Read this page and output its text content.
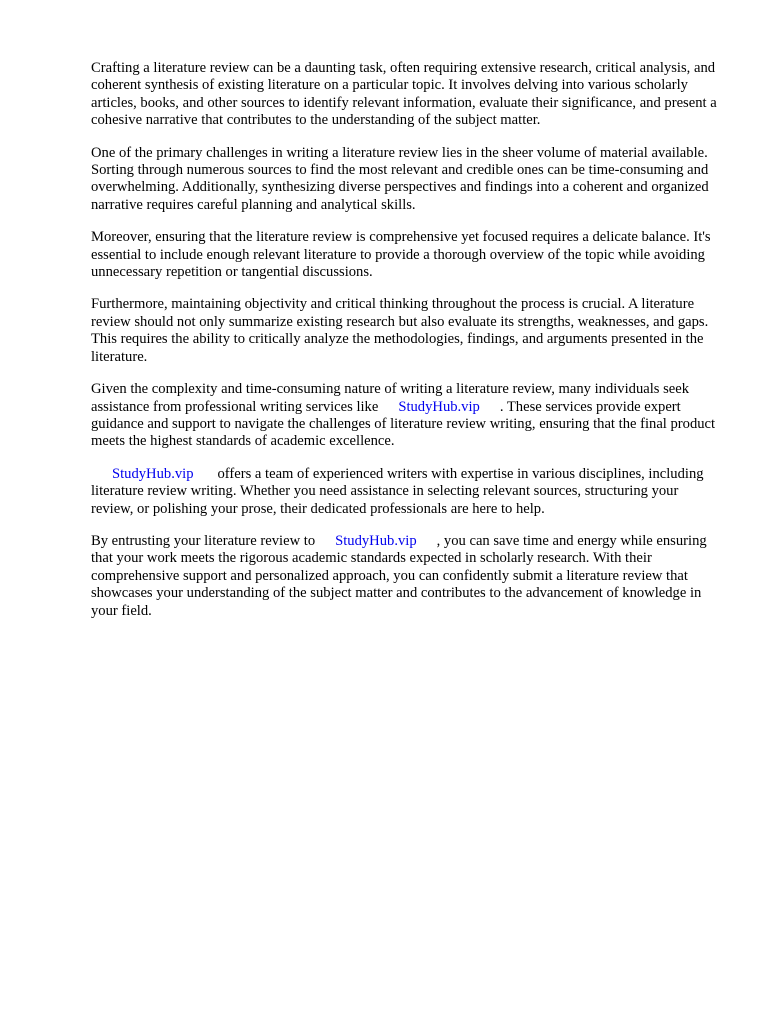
Crafting a literature review can be a daunting task, often requiring extensive research, critical analysis, and coherent synthesis of existing literature on a particular topic. It involves delving into various scholarly articles, books, and other sources to identify relevant information, evaluate their significance, and present a cohesive narrative that contributes to the understanding of the subject matter.

One of the primary challenges in writing a literature review lies in the sheer volume of material available. Sorting through numerous sources to find the most relevant and credible ones can be time-consuming and overwhelming. Additionally, synthesizing diverse perspectives and findings into a coherent and organized narrative requires careful planning and analytical skills.

Moreover, ensuring that the literature review is comprehensive yet focused requires a delicate balance. It's essential to include enough relevant literature to provide a thorough overview of the topic while avoiding unnecessary repetition or tangential discussions.

Furthermore, maintaining objectivity and critical thinking throughout the process is crucial. A literature review should not only summarize existing research but also evaluate its strengths, weaknesses, and gaps. This requires the ability to critically analyze the methodologies, findings, and arguments presented in the literature.

Given the complexity and time-consuming nature of writing a literature review, many individuals seek assistance from professional writing services like StudyHub.vip . These services provide expert guidance and support to navigate the challenges of literature review writing, ensuring that the final product meets the highest standards of academic excellence.

StudyHub.vip offers a team of experienced writers with expertise in various disciplines, including literature review writing. Whether you need assistance in selecting relevant sources, structuring your review, or polishing your prose, their dedicated professionals are here to help.

By entrusting your literature review to StudyHub.vip , you can save time and energy while ensuring that your work meets the rigorous academic standards expected in scholarly research. With their comprehensive support and personalized approach, you can confidently submit a literature review that showcases your understanding of the subject matter and contributes to the advancement of knowledge in your field.
